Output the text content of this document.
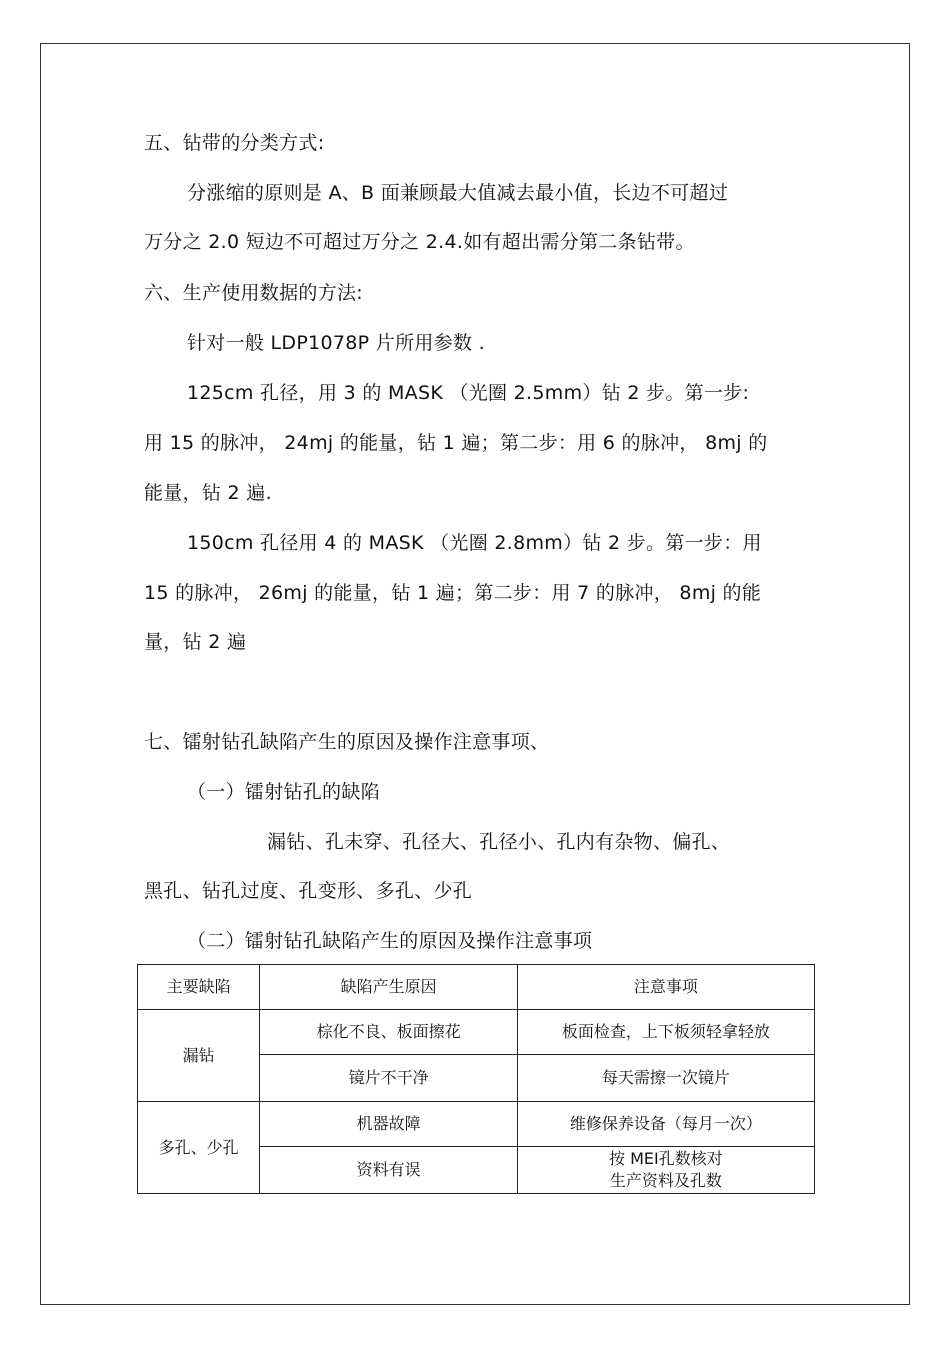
五、钻带的分类方式:
分涨缩的原则是 A、B 面兼顾最大值减去最小值，长边不可超过
万分之 2.0 短边不可超过万分之 2.4.如有超出需分第二条钻带。
六、生产使用数据的方法:
针对一般 LDP1078P 片所用参数 .
125cm 孔径，用 3 的 MASK （光圈 2.5mm）钻 2 步。第一步:
用 15 的脉冲， 24mj 的能量，钻 1 遍；第二步：用 6 的脉冲， 8mj 的
能量，钻 2 遍.
150cm 孔径用 4 的 MASK （光圈 2.8mm）钻 2 步。第一步：用
15 的脉冲， 26mj 的能量，钻 1 遍；第二步：用 7 的脉冲， 8mj 的能
量，钻 2 遍
七、镭射钻孔缺陷产生的原因及操作注意事项、
（一）镭射钻孔的缺陷
漏钻、孔未穿、孔径大、孔径小、孔内有杂物、偏孔、
黑孔、钻孔过度、孔变形、多孔、少孔
（二）镭射钻孔缺陷产生的原因及操作注意事项
主要缺陷	缺陷产生原因	注意事项
漏钻	棕化不良、板面擦花	板面检查，上下板须轻拿轻放
	镜片不干净	每天需擦一次镜片
多孔、少孔	机器故障	维修保养设备（每月一次）
	资料有误	按 MEI孔数核对
生产资料及孔数
